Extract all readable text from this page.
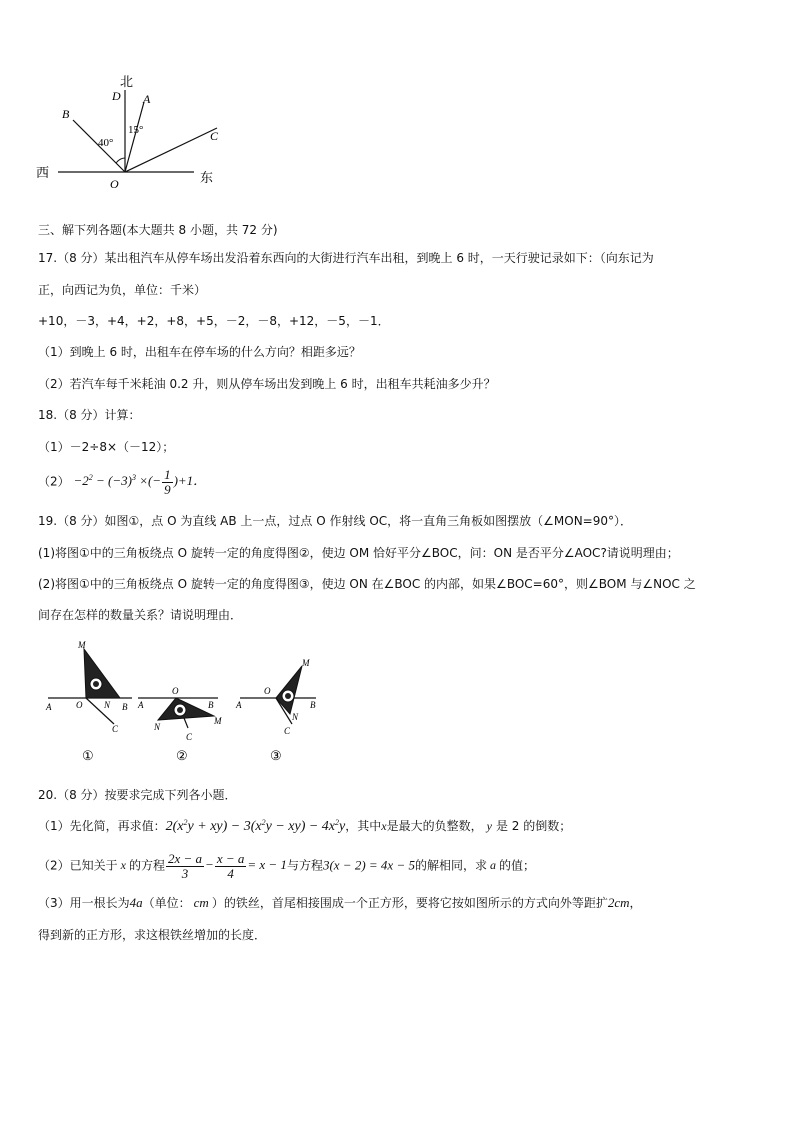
北
D A
B
C
15°
40°
西	东
O
三、解下列各题(本大题共 8 小题，共 72 分)
17.（8 分）某出租汽车从停车场出发沿着东西向的大街进行汽车出租，到晚上 6 时，一天行驶记录如下：（向东记为
正，向西记为负，单位：千米）
+10，－3，+4，+2，+8，+5，－2，－8，+12，－5，－1．
（1）到晚上 6 时，出租车在停车场的什么方向？相距多远？
（2）若汽车每千米耗油 0.2 升，则从停车场出发到晚上 6 时，出租车共耗油多少升？
18.（8 分）计算：
（1）－2÷8×（－12）；
$(2) -2^2 - (-3)^3$ ×(− $\frac{1}{9} )+1$．
19.（8 分）如图①，点 O 为直线 AB 上一点，过点 O 作射线 OC，将一直角三角板如图摆放（∠MON=90°）．
(1)将图①中的三角板绕点 O 旋转一定的角度得图②，使边 OM 恰好平分∠BOC，问：ON 是否平分∠AOC?请说明理由；
(2)将图①中的三角板绕点 O 旋转一定的角度得图③，使边 ON 在∠BOC 的内部，如果∠BOC=60°，则∠BOM 与∠NOC 之
间存在怎样的数量关系？请说明理由．
M
A	O N B
C
①
O
A	B
N
M
C
②
M
O
A	B
N
C
③
20.（8 分）按要求完成下列各小题．
（1）先化简，再求值：$2(x^2y + xy) - 3(x^2y - xy) - 4x^2y$，其中x是最大的负整数， y 是 2 的倒数；
（2）已知关于 x 的方程 $\frac{2x - a}{3} - \frac{x - a}{4} = x - 1$与方程3(x − 2) = 4x − 5的解相同，求 a 的值；
（3）用一根长为4a（单位： cm ）的铁丝，首尾相接围成一个正方形，要将它按如图所示的方式向外等距扩2cm，
得到新的正方形，求这根铁丝增加的长度．
